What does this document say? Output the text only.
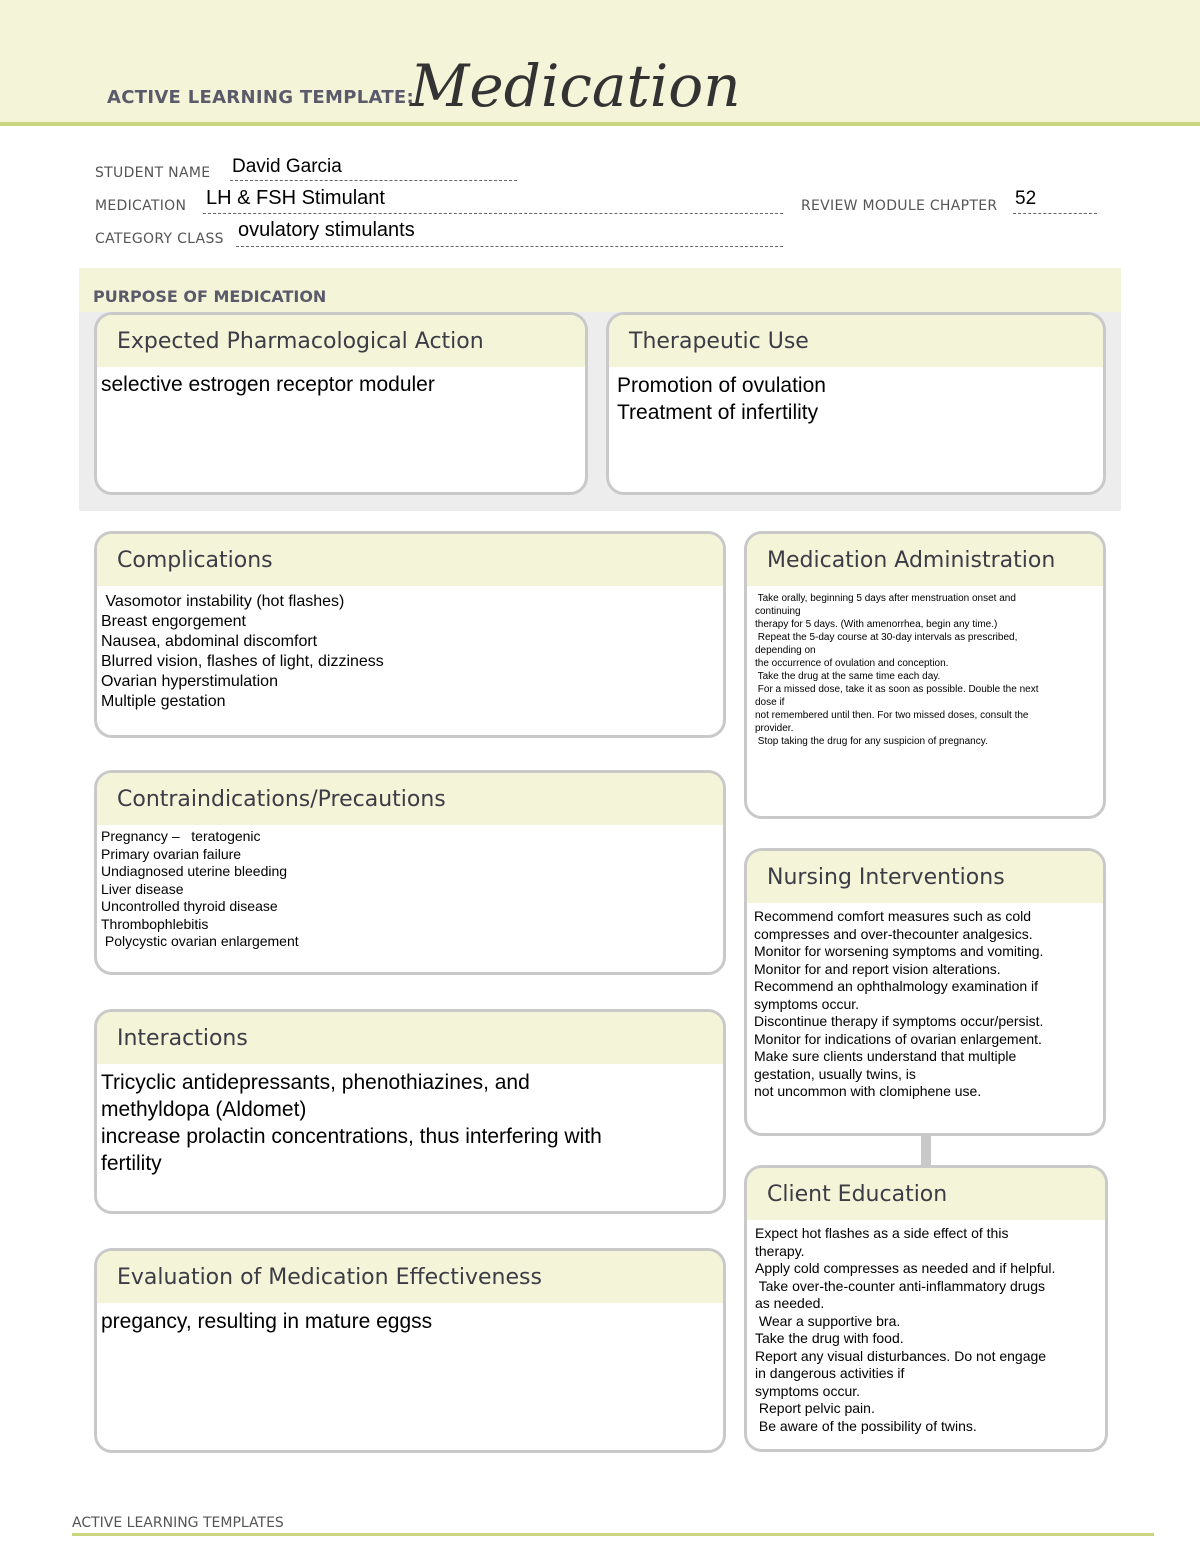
ACTIVE LEARNING TEMPLATE:
Medication
STUDENT NAME David Garcia
MEDICATION LH & FSH Stimulant	REVIEW MODULE CHAPTER 52
CATEGORY CLASS ovulatory stimulants
PURPOSE OF MEDICATION
Expected Pharmacological Action
selective estrogen receptor moduler
Therapeutic Use
Promotion of ovulation
Treatment of infertility
Complications
Vasomotor instability (hot flashes)
Breast engorgement
Nausea, abdominal discomfort
Blurred vision, flashes of light, dizziness
Ovarian hyperstimulation
Multiple gestation
Medication Administration
Take orally, beginning 5 days after menstruation onset and
continuing
therapy for 5 days. (With amenorrhea, begin any time.)
Repeat the 5-day course at 30-day intervals as prescribed,
depending on
the occurrence of ovulation and conception.
Take the drug at the same time each day.
For a missed dose, take it as soon as possible. Double the next
dose if
not remembered until then. For two missed doses, consult the
provider.
Stop taking the drug for any suspicion of pregnancy.
Contraindications/Precautions
Pregnancy –   teratogenic
Primary ovarian failure
Undiagnosed uterine bleeding
Liver disease
Uncontrolled thyroid disease
Thrombophlebitis
Polycystic ovarian enlargement
Nursing Interventions
Recommend comfort measures such as cold
compresses and over-thecounter analgesics.
Monitor for worsening symptoms and vomiting.
Monitor for and report vision alterations.
Recommend an ophthalmology examination if
symptoms occur.
Discontinue therapy if symptoms occur/persist.
Monitor for indications of ovarian enlargement.
Make sure clients understand that multiple
gestation, usually twins, is
not uncommon with clomiphene use.
Interactions
Tricyclic antidepressants, phenothiazines, and
methyldopa (Aldomet)
increase prolactin concentrations, thus interfering with
fertility
Client Education
Expect hot flashes as a side effect of this
therapy.
Apply cold compresses as needed and if helpful.
Take over-the-counter anti-inflammatory drugs
as needed.
Wear a supportive bra.
Take the drug with food.
Report any visual disturbances. Do not engage
in dangerous activities if
symptoms occur.
Report pelvic pain.
Be aware of the possibility of twins.
Evaluation of Medication Effectiveness
pregancy, resulting in mature eggss
ACTIVE LEARNING TEMPLATES
